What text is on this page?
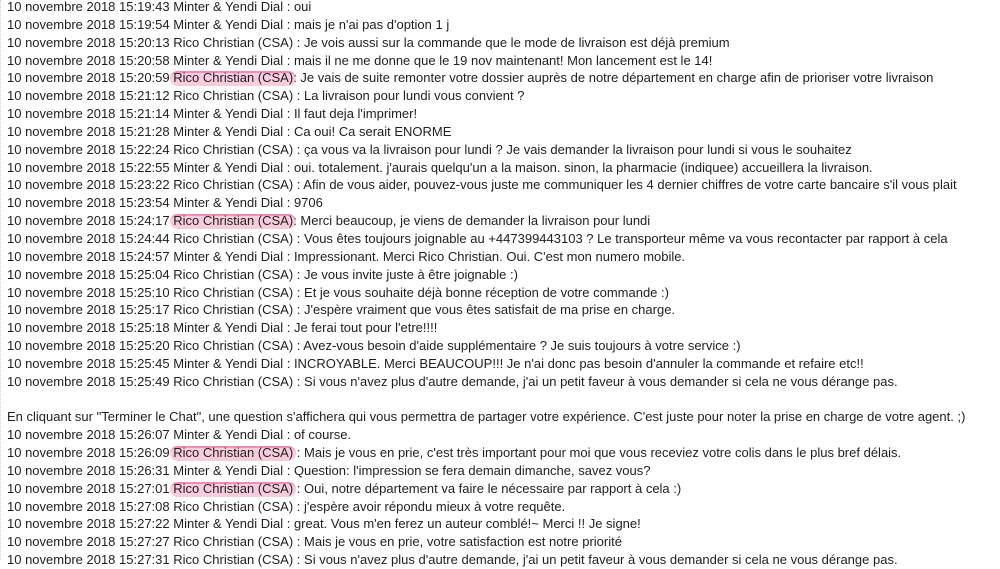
10 novembre 2018 15:19:43 Minter & Yendi Dial : oui
10 novembre 2018 15:19:54 Minter & Yendi Dial : mais je n'ai pas d'option 1 j
10 novembre 2018 15:20:13 Rico Christian (CSA) : Je vois aussi sur la commande que le mode de livraison est déjà premium
10 novembre 2018 15:20:58 Minter & Yendi Dial : mais il ne me donne que le 19 nov maintenant! Mon lancement est le 14!
10 novembre 2018 15:20:59 Rico Christian (CSA): Je vais de suite remonter votre dossier auprès de notre département en charge afin de prioriser votre livraison
10 novembre 2018 15:21:12 Rico Christian (CSA) : La livraison pour lundi vous convient ?
10 novembre 2018 15:21:14 Minter & Yendi Dial : Il faut deja l'imprimer!
10 novembre 2018 15:21:28 Minter & Yendi Dial : Ca oui! Ca serait ENORME
10 novembre 2018 15:22:24 Rico Christian (CSA) : ça vous va la livraison pour lundi ? Je vais demander la livraison pour lundi si vous le souhaitez
10 novembre 2018 15:22:55 Minter & Yendi Dial : oui. totalement. j'aurais quelqu'un a la maison. sinon, la pharmacie (indiquee) accueillera la livraison.
10 novembre 2018 15:23:22 Rico Christian (CSA) : Afin de vous aider, pouvez-vous juste me communiquer les 4 dernier chiffres de votre carte bancaire s'il vous plait
10 novembre 2018 15:23:54 Minter & Yendi Dial : 9706
10 novembre 2018 15:24:17 Rico Christian (CSA): Merci beaucoup, je viens de demander la livraison pour lundi
10 novembre 2018 15:24:44 Rico Christian (CSA) : Vous êtes toujours joignable au +447399443103 ? Le transporteur même va vous recontacter par rapport à cela
10 novembre 2018 15:24:57 Minter & Yendi Dial : Impressionant. Merci Rico Christian. Oui. C'est mon numero mobile.
10 novembre 2018 15:25:04 Rico Christian (CSA) : Je vous invite juste à être joignable :)
10 novembre 2018 15:25:10 Rico Christian (CSA) : Et je vous souhaite déjà bonne réception de votre commande :)
10 novembre 2018 15:25:17 Rico Christian (CSA) : J'espère vraiment que vous êtes satisfait de ma prise en charge.
10 novembre 2018 15:25:18 Minter & Yendi Dial : Je ferai tout pour l'etre!!!!
10 novembre 2018 15:25:20 Rico Christian (CSA) : Avez-vous besoin d'aide supplémentaire ? Je suis toujours à votre service :)
10 novembre 2018 15:25:45 Minter & Yendi Dial : INCROYABLE. Merci BEAUCOUP!!! Je n'ai donc pas besoin d'annuler la commande et refaire etc!!
10 novembre 2018 15:25:49 Rico Christian (CSA) : Si vous n'avez plus d'autre demande, j'ai un petit faveur à vous demander si cela ne vous dérange pas.
En cliquant sur "Terminer le Chat", une question s'affichera qui vous permettra de partager votre expérience. C'est juste pour noter la prise en charge de votre agent. ;)
10 novembre 2018 15:26:07 Minter & Yendi Dial : of course.
10 novembre 2018 15:26:09 Rico Christian (CSA) : Mais je vous en prie, c'est très important pour moi que vous receviez votre colis dans le plus bref délais.
10 novembre 2018 15:26:31 Minter & Yendi Dial : Question: l'impression se fera demain dimanche, savez vous?
10 novembre 2018 15:27:01 Rico Christian (CSA) : Oui, notre département va faire le nécessaire par rapport à cela :)
10 novembre 2018 15:27:08 Rico Christian (CSA) : j'espère avoir répondu mieux à votre requête.
10 novembre 2018 15:27:22 Minter & Yendi Dial : great. Vous m'en ferez un auteur comblé!~ Merci !! Je signe!
10 novembre 2018 15:27:27 Rico Christian (CSA) : Mais je vous en prie, votre satisfaction est notre priorité
10 novembre 2018 15:27:31 Rico Christian (CSA) : Si vous n'avez plus d'autre demande, j'ai un petit faveur à vous demander si cela ne vous dérange pas.
